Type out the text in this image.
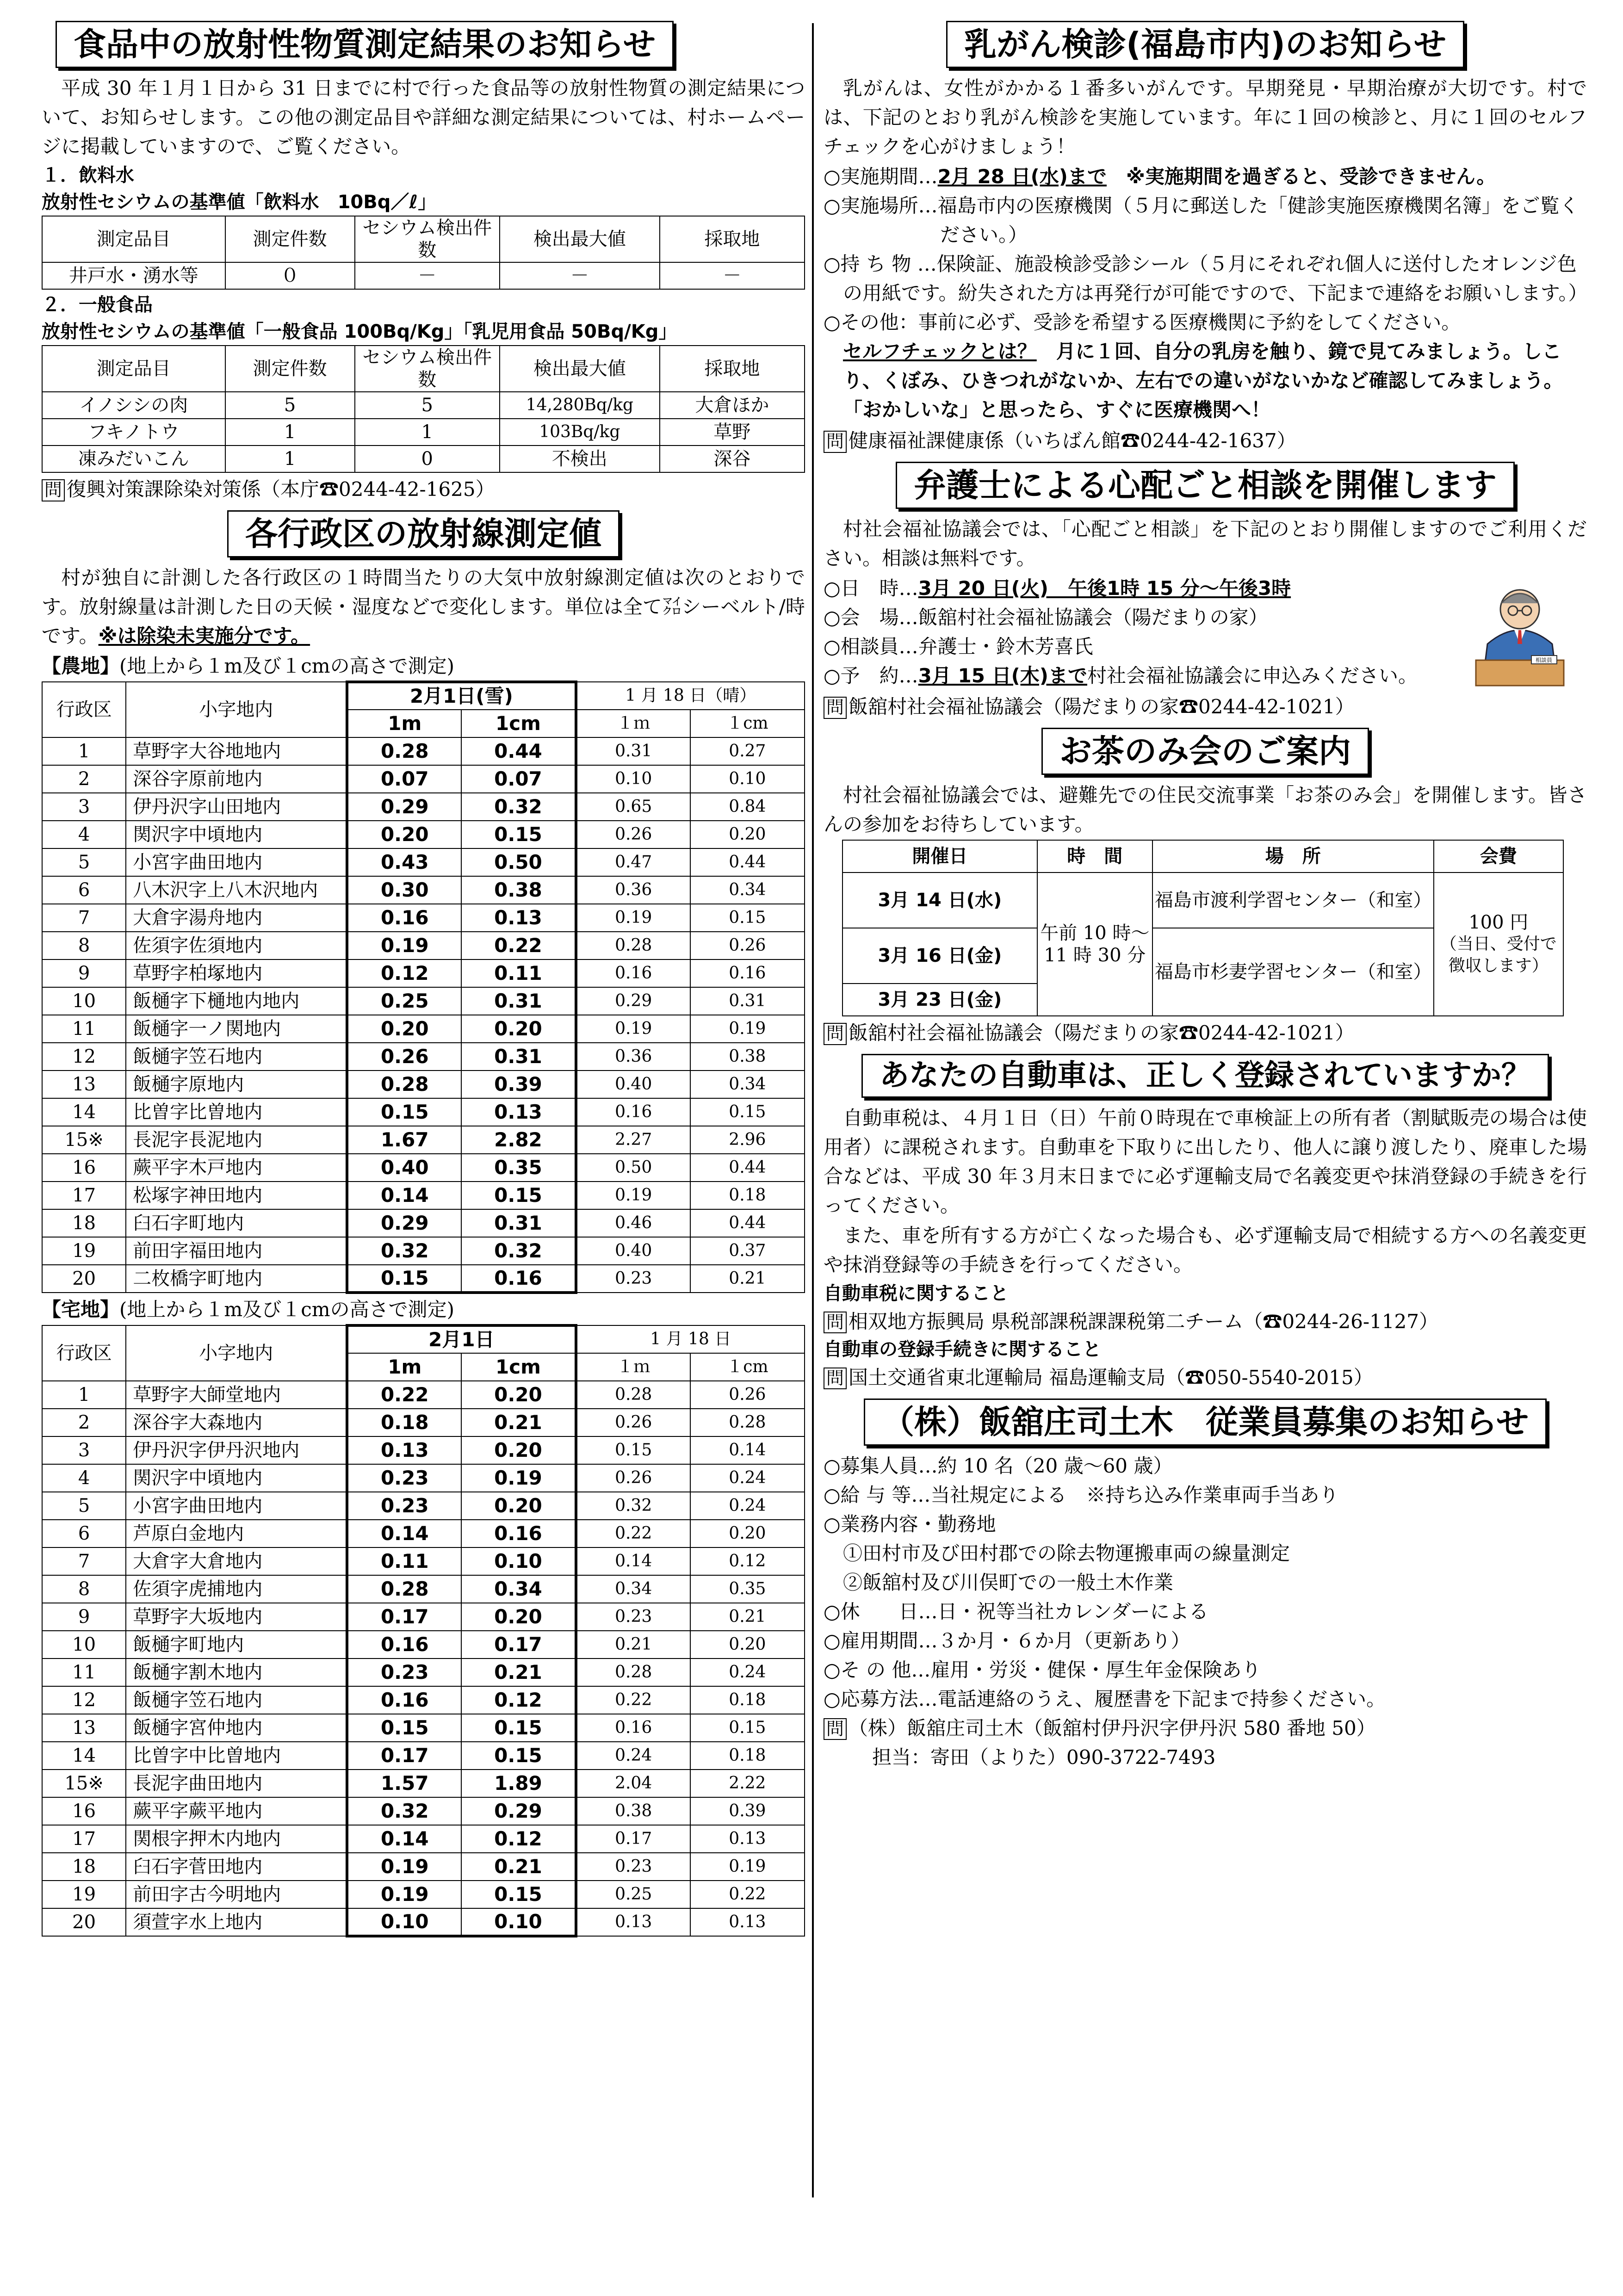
食品中の放射性物質測定結果のお知らせ

平成 30 年１月１日から 31 日までに村で行った食品等の放射性物質の測定結果について、お知らせします。この他の測定品目や詳細な測定結果については、村ホームページに掲載していますので、ご覧ください。

１．飲料水
放射性セシウムの基準値「飲料水　10Bq／ℓ」
測定品目	測定件数	セシウム検出件数	検出最大値	採取地
井戸水・湧水等	０	－	－	－
２．一般食品
放射性セシウムの基準値「一般食品 100Bq/Kg」「乳児用食品 50Bq/Kg」
測定品目	測定件数	セシウム検出件数	検出最大値	採取地
イノシシの肉	5	5	14,280Bq/kg	大倉ほか
フキノトウ	1	1	103Bq/kg	草野
凍みだいこん	1	0	不検出	深谷
問 復興対策課除染対策係（本庁☎0244-42-1625）
各行政区の放射線測定値

村が独自に計測した各行政区の１時間当たりの大気中放射線測定値は次のとおりです。放射線量は計測した日の天候・湿度などで変化します。単位は全て㍃シーベルト/時です。※は除染未実施分です。

【農地】(地上から１m及び１cmの高さで測定)
行政区	小字地内	2月1日(雪)		1 月 18 日（晴）	
		1m	1cm	１ｍ	１cm
1	草野字大谷地地内	0.28	0.44	0.31	0.27
2	深谷字原前地内	0.07	0.07	0.10	0.10
3	伊丹沢字山田地内	0.29	0.32	0.65	0.84
4	関沢字中頃地内	0.20	0.15	0.26	0.20
5	小宮字曲田地内	0.43	0.50	0.47	0.44
6	八木沢字上八木沢地内	0.30	0.38	0.36	0.34
7	大倉字湯舟地内	0.16	0.13	0.19	0.15
8	佐須字佐須地内	0.19	0.22	0.28	0.26
9	草野字柏塚地内	0.12	0.11	0.16	0.16
10	飯樋字下樋地内地内	0.25	0.31	0.29	0.31
11	飯樋字一ノ関地内	0.20	0.20	0.19	0.19
12	飯樋字笠石地内	0.26	0.31	0.36	0.38
13	飯樋字原地内	0.28	0.39	0.40	0.34
14	比曽字比曽地内	0.15	0.13	0.16	0.15
15※	長泥字長泥地内	1.67	2.82	2.27	2.96
16	蕨平字木戸地内	0.40	0.35	0.50	0.44
17	松塚字神田地内	0.14	0.15	0.19	0.18
18	臼石字町地内	0.29	0.31	0.46	0.44
19	前田字福田地内	0.32	0.32	0.40	0.37
20	二枚橋字町地内	0.15	0.16	0.23	0.21
【宅地】(地上から１m及び１cmの高さで測定)
行政区	小字地内	2月1日		1 月 18 日	
		1m	1cm	１ｍ	１cm
1	草野字大師堂地内	0.22	0.20	0.28	0.26
2	深谷字大森地内	0.18	0.21	0.26	0.28
3	伊丹沢字伊丹沢地内	0.13	0.20	0.15	0.14
4	関沢字中頃地内	0.23	0.19	0.26	0.24
5	小宮字曲田地内	0.23	0.20	0.32	0.24
6	芦原白金地内	0.14	0.16	0.22	0.20
7	大倉字大倉地内	0.11	0.10	0.14	0.12
8	佐須字虎捕地内	0.28	0.34	0.34	0.35
9	草野字大坂地内	0.17	0.20	0.23	0.21
10	飯樋字町地内	0.16	0.17	0.21	0.20
11	飯樋字割木地内	0.23	0.21	0.28	0.24
12	飯樋字笠石地内	0.16	0.12	0.22	0.18
13	飯樋字宮仲地内	0.15	0.15	0.16	0.15
14	比曽字中比曽地内	0.17	0.15	0.24	0.18
15※	長泥字曲田地内	1.57	1.89	2.04	2.22
16	蕨平字蕨平地内	0.32	0.29	0.38	0.39
17	関根字押木内地内	0.14	0.12	0.17	0.13
18	臼石字菅田地内	0.19	0.21	0.23	0.19
19	前田字古今明地内	0.19	0.15	0.25	0.22
20	須萱字水上地内	0.10	0.10	0.13	0.13
乳がん検診(福島市内)のお知らせ

乳がんは、女性がかかる１番多いがんです。早期発見・早期治療が大切です。村では、下記のとおり乳がん検診を実施しています。年に１回の検診と、月に１回のセルフチェックを心がけましょう！

○実施期間…2月 28 日(水)まで　 ※実施期間を過ぎると、受診できません。
○実施場所…福島市内の医療機関（５月に郵送した「健診実施医療機関名簿」をご覧ください。）
○持 ち 物 …保険証、施設検診受診シール（５月にそれぞれ個人に送付したオレンジ色の用紙です。紛失された方は再発行が可能ですので、下記まで連絡をお願いします。）
○その他：事前に必ず、受診を希望する医療機関に予約をしてください。
セルフチェックとは？　 月に１回、自分の乳房を触り、鏡で見てみましょう。しこり、くぼみ、ひきつれがないか、左右での違いがないかなど確認してみましょう。「おかしいな」と思ったら、すぐに医療機関へ！
問 健康福祉課健康係（いちばん館☎0244-42-1637）
弁護士による心配ごと相談を開催します

村社会福祉協議会では、「心配ごと相談」を下記のとおり開催しますのでご利用ください。相談は無料です。

○日　時…3月 20 日(火)　午後1時 15 分～午後3時
○会　場…飯舘村社会福祉協議会（陽だまりの家）
○相談員…弁護士・鈴木芳喜氏
○予　約…3月 15 日(木)まで村社会福祉協議会に申込みください。
相談員
問 飯舘村社会福祉協議会（陽だまりの家☎0244-42-1021）
お茶のみ会のご案内

村社会福祉協議会では、避難先での住民交流事業「お茶のみ会」を開催します。皆さんの参加をお待ちしています。

開催日	時　間	場　所	会費
3月 14 日(水)	午前 10 時～11 時 30 分	福島市渡利学習センター（和室）	100 円
（当日、受付で徴収します）

3月 16 日(金)		福島市杉妻学習センター（和室）	
3月 23 日(金)			
問 飯舘村社会福祉協議会（陽だまりの家☎0244-42-1021）
あなたの自動車は、正しく登録されていますか？

自動車税は、４月１日（日）午前０時現在で車検証上の所有者（割賦販売の場合は使用者）に課税されます。自動車を下取りに出したり、他人に譲り渡したり、廃車した場合などは、平成 30 年３月末日までに必ず運輸支局で名義変更や抹消登録の手続きを行ってください。

また、車を所有する方が亡くなった場合も、必ず運輸支局で相続する方への名義変更や抹消登録等の手続きを行ってください。

自動車税に関すること
問 相双地方振興局 県税部課税課課税第二チーム（☎0244-26-1127）
自動車の登録手続きに関すること
問 国土交通省東北運輸局 福島運輸支局（☎050-5540-2015）
（株）飯舘庄司土木　従業員募集のお知らせ
○募集人員…約 10 名（20 歳～60 歳）
○給 与 等…当社規定による　※持ち込み作業車両手当あり
○業務内容・勤務地
①田村市及び田村郡での除去物運搬車両の線量測定
②飯舘村及び川俣町での一般土木作業
○休　　日…日・祝等当社カレンダーによる
○雇用期間…３か月・６か月（更新あり）
○そ の 他…雇用・労災・健保・厚生年金保険あり
○応募方法…電話連絡のうえ、履歴書を下記まで持参ください。
問 （株）飯舘庄司土木（飯舘村伊丹沢字伊丹沢 580 番地 50）
担当：寄田（よりた）090-3722-7493
